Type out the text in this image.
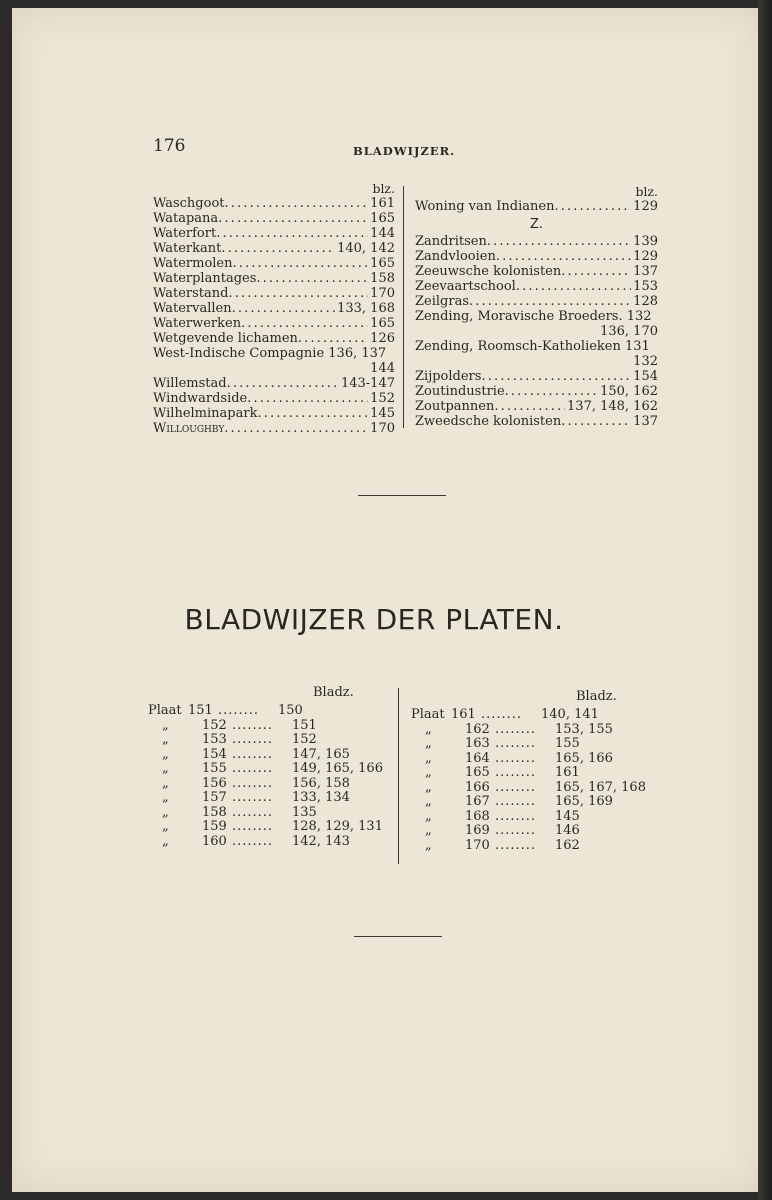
176	BLADWIJZER.
blz.
Waschgoot . . .	161
Watapana . . .	165
Waterfort . . .	144
Waterkant . . .	140, 142
Watermolen . . .	165
Waterplantages . . .	158
Waterstand . . .	170
Watervallen . . .	133, 168
Waterwerken . . .	165
Wetgevende lichamen . . .	126
West-Indische Compagnie 136, 137
144
Willemstad . . .	143-147
Windwardside . . .	152
Wilhelminapark . . .	145
Willoughby . . .	170
blz.
Woning van Indianen . . .	129
Z.
Zandritsen . . .	139
Zandvlooien . . .	129
Zeeuwsche kolonisten . . .	137
Zeevaartschool . . .	153
Zeilgras . . .	128
Zending, Moravische Broeders. 132
136, 170
Zending, Roomsch-Katholieken 131
132
Zijpolders . . .	154
Zoutindustrie . . .	150, 162
Zoutpannen . . .	137, 148, 162
Zweedsche kolonisten . . .	137
BLADWIJZER DER PLATEN.
Bladz.
Plaat 151 ........	150
„	152 ........	151
„	153 ........	152
„	154 ........	147, 165
„	155 ........	149, 165, 166
„	156 ........	156, 158
„	157 ........	133, 134
„	158 ........	135
„	159 ........	128, 129, 131
„	160 ........	142, 143
Bladz.
Plaat 161 ........	140, 141
„	162 ........	153, 155
„	163 ........	155
„	164 ........	165, 166
„	165 ........	161
„	166 ........	165, 167, 168
„	167 ........	165, 169
„	168 ........	145
„	169 ........	146
„	170 ........	162
